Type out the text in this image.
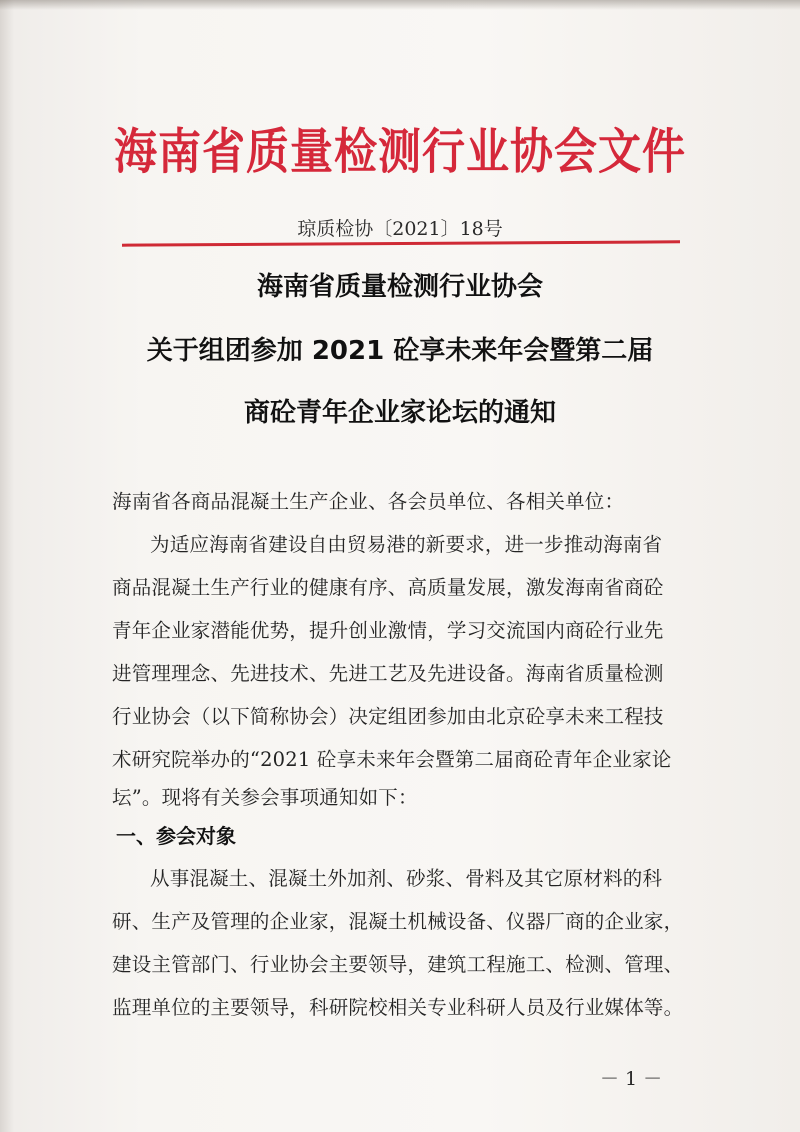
海南省质量检测行业协会文件
琼质检协〔2021〕18号
海南省质量检测行业协会
关于组团参加 2021 砼享未来年会暨第二届
商砼青年企业家论坛的通知
海南省各商品混凝土生产企业、各会员单位、各相关单位：
为适应海南省建设自由贸易港的新要求，进一步推动海南省
商品混凝土生产行业的健康有序、高质量发展，激发海南省商砼
青年企业家潜能优势，提升创业激情，学习交流国内商砼行业先
进管理理念、先进技术、先进工艺及先进设备。海南省质量检测
行业协会（以下简称协会）决定组团参加由北京砼享未来工程技
术研究院举办的“2021 砼享未来年会暨第二届商砼青年企业家论
坛”。现将有关参会事项通知如下：
一、参会对象
从事混凝土、混凝土外加剂、砂浆、骨料及其它原材料的科
研、生产及管理的企业家，混凝土机械设备、仪器厂商的企业家，
建设主管部门、行业协会主要领导，建筑工程施工、检测、管理、
监理单位的主要领导，科研院校相关专业科研人员及行业媒体等。
－ 1 －
